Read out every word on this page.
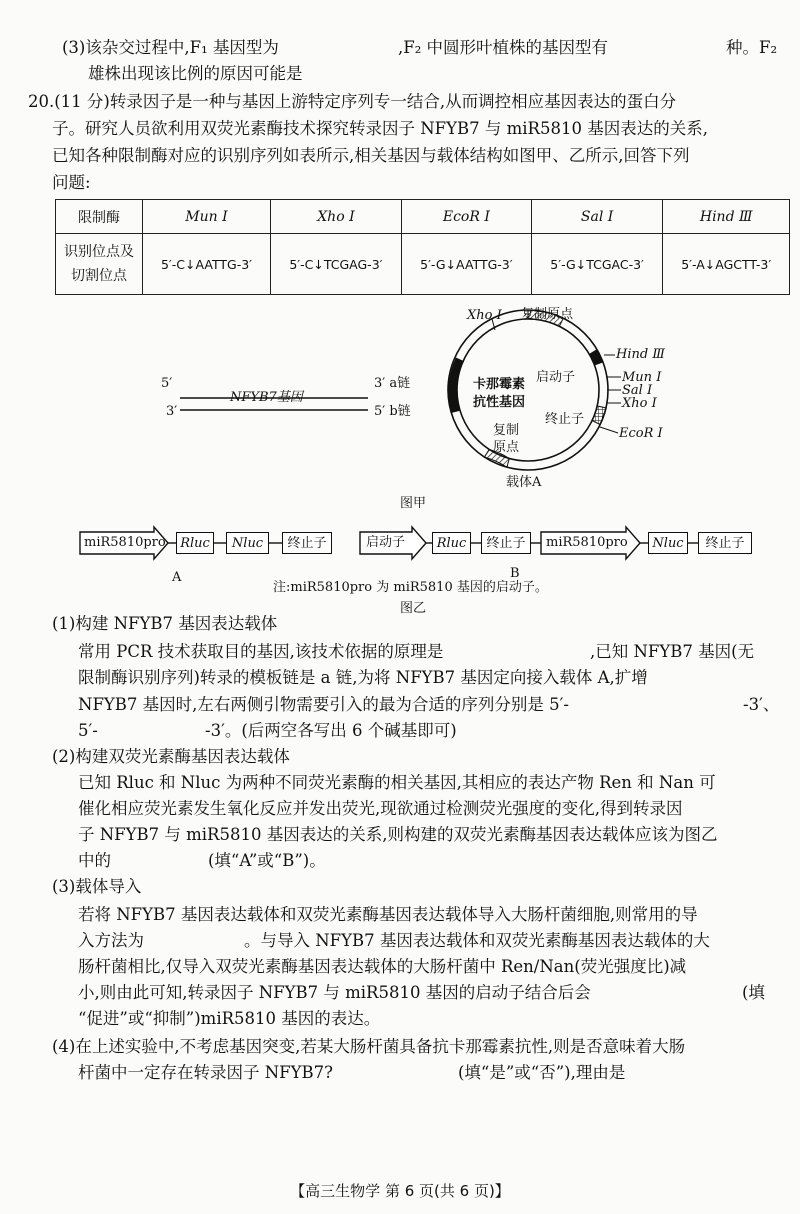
(3)该杂交过程中,F₁ 基因型为	,F₂ 中圆形叶植株的基因型有	种。F₂
雄株出现该比例的原因可能是
20.(11 分)转录因子是一种与基因上游特定序列专一结合,从而调控相应基因表达的蛋白分
子。研究人员欲利用双荧光素酶技术探究转录因子 NFYB7 与 miR5810 基因表达的关系,
已知各种限制酶对应的识别序列如表所示,相关基因与载体结构如图甲、乙所示,回答下列
问题:
限制酶	Mun Ⅰ	Xho Ⅰ	EcoR Ⅰ	Sal Ⅰ	Hind Ⅲ
识别位点及
切割位点	5′-C↓AATTG-3′	5′-C↓TCGAG-3′	5′-G↓AATTG-3′	5′-G↓TCGAC-3′	5′-A↓AGCTT-3′
5′	3′ a链
3′	5′ b链
NFYB7基因
Xho Ⅰ 复制原点
卡那霉素
抗性基因
启动子
终止子
复制
原点
Hind Ⅲ
Mun Ⅰ
Sal Ⅰ
Xho Ⅰ
EcoR Ⅰ
载体A
图甲
miR5810pro	Rluc	Nluc	终止子
A
启动子	Rluc	终止子	miR5810pro	Nluc	终止子
B
注:miR5810pro 为 miR5810 基因的启动子。
图乙
(1)构建 NFYB7 基因表达载体
常用 PCR 技术获取目的基因,该技术依据的原理是	,已知 NFYB7 基因(无
限制酶识别序列)转录的模板链是 a 链,为将 NFYB7 基因定向接入载体 A,扩增
NFYB7 基因时,左右两侧引物需要引入的最为合适的序列分别是 5′-	-3′、
5′-	-3′。(后两空各写出 6 个碱基即可)
(2)构建双荧光素酶基因表达载体
已知 Rluc 和 Nluc 为两种不同荧光素酶的相关基因,其相应的表达产物 Ren 和 Nan 可
催化相应荧光素发生氧化反应并发出荧光,现欲通过检测荧光强度的变化,得到转录因
子 NFYB7 与 miR5810 基因表达的关系,则构建的双荧光素酶基因表达载体应该为图乙
中的	(填“A”或“B”)。
(3)载体导入
若将 NFYB7 基因表达载体和双荧光素酶基因表达载体导入大肠杆菌细胞,则常用的导
入方法为	。与导入 NFYB7 基因表达载体和双荧光素酶基因表达载体的大
肠杆菌相比,仅导入双荧光素酶基因表达载体的大肠杆菌中 Ren/Nan(荧光强度比)减
小,则由此可知,转录因子 NFYB7 与 miR5810 基因的启动子结合后会	(填
“促进”或“抑制”)miR5810 基因的表达。
(4)在上述实验中,不考虑基因突变,若某大肠杆菌具备抗卡那霉素抗性,则是否意味着大肠
杆菌中一定存在转录因子 NFYB7?	(填“是”或“否”),理由是
【高三生物学 第 6 页(共 6 页)】
